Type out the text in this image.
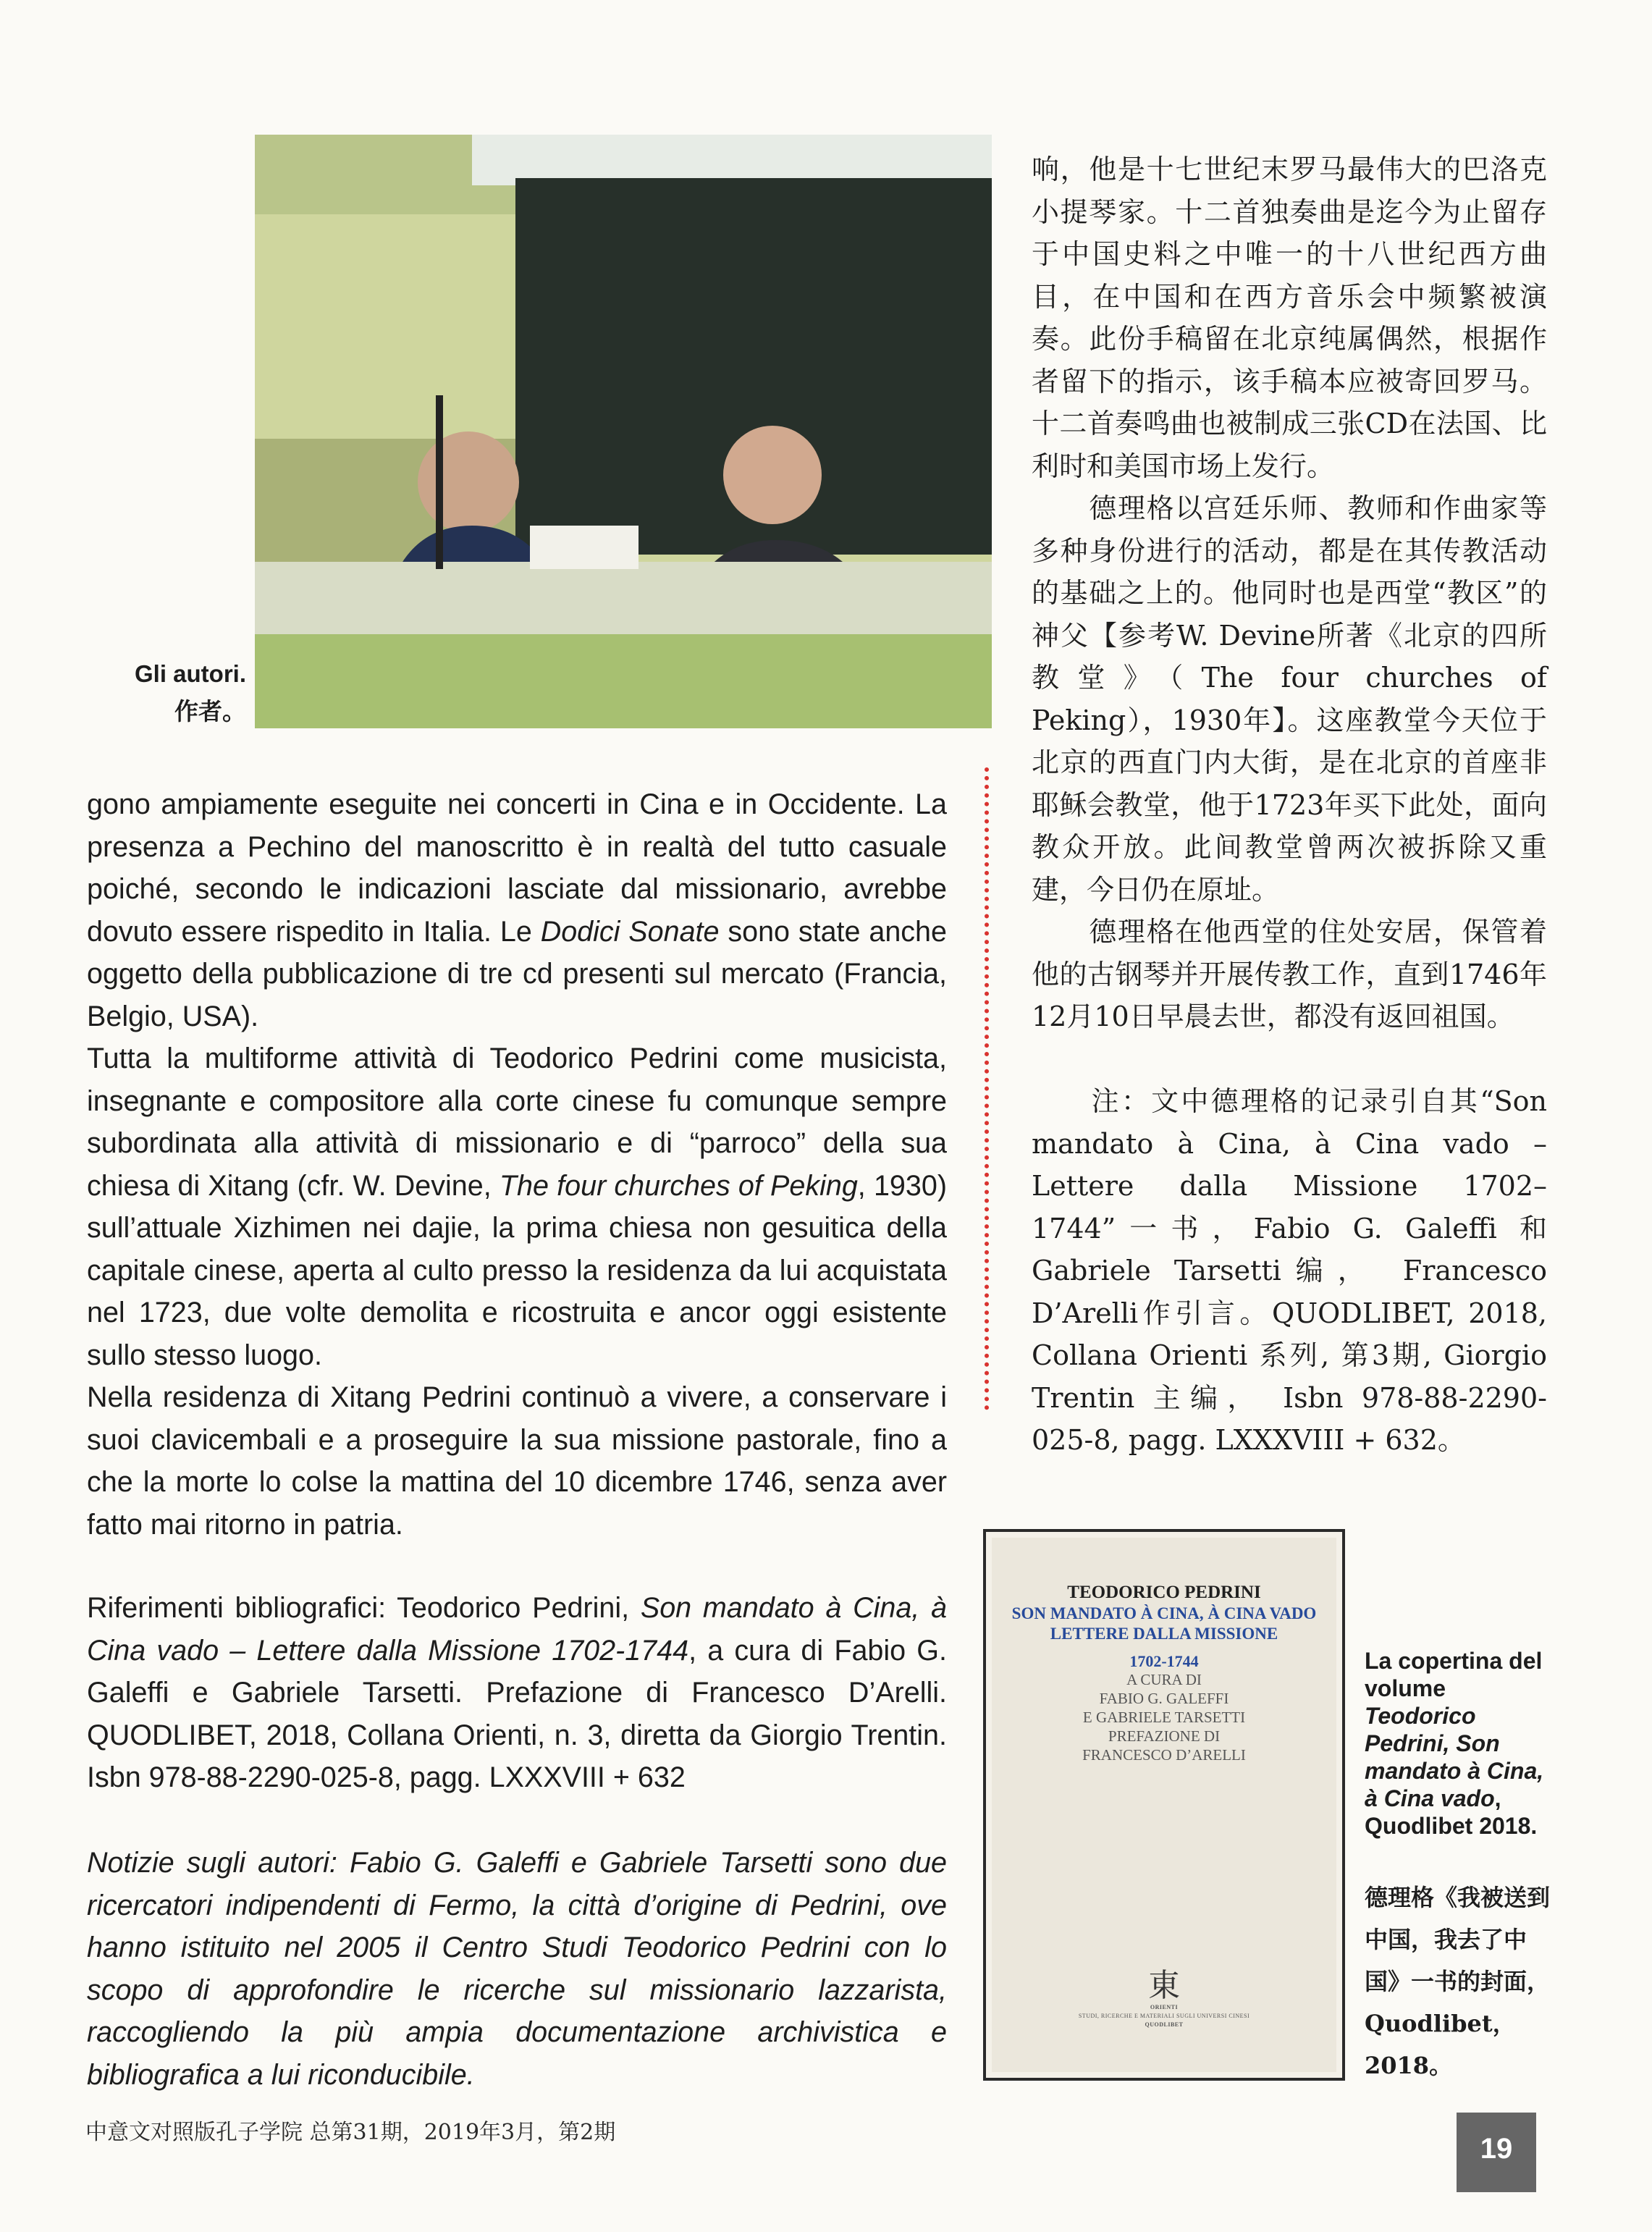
Gli autori.
作者。

gono ampiamente eseguite nei concerti in Cina e in Occidente. La presenza a Pechino del manoscritto è in realtà del tutto casuale poiché, secondo le indicazioni lasciate dal missionario, avrebbe dovuto essere rispedito in Italia. Le Dodici Sonate sono state anche oggetto della pubblicazione di tre cd presenti sul mercato (Francia, Belgio, USA).

Tutta la multiforme attività di Teodorico Pedrini come musicista, insegnante e compositore alla corte cinese fu comunque sempre subordinata alla attività di missionario e di “parroco” della sua chiesa di Xitang (cfr. W. Devine, The four churches of Peking, 1930) sull’attuale Xizhimen nei dajie, la prima chiesa non gesuitica della capitale cinese, aperta al culto presso la residenza da lui acquistata nel 1723, due volte demolita e ricostruita e ancor oggi esistente sullo stesso luogo.

Nella residenza di Xitang Pedrini continuò a vivere, a conservare i suoi clavicembali e a proseguire la sua missione pastorale, fino a che la morte lo colse la mattina del 10 dicembre 1746, senza aver fatto mai ritorno in patria.

Riferimenti bibliografici: Teodorico Pedrini, Son mandato à Cina, à Cina vado – Lettere dalla Missione 1702-1744, a cura di Fabio G. Galeffi e Gabriele Tarsetti. Prefazione di Francesco D’Arelli. QUODLIBET, 2018, Collana Orienti, n. 3, diretta da Giorgio Trentin. Isbn 978-88-2290-025-8, pagg. LXXXVIII + 632

Notizie sugli autori: Fabio G. Galeffi e Gabriele Tarsetti sono due ricercatori indipendenti di Fermo, la città d’origine di Pedrini, ove hanno istituito nel 2005 il Centro Studi Teodorico Pedrini con lo scopo di approfondire le ricerche sul missionario lazzarista, raccogliendo la più ampia documentazione archivistica e bibliografica a lui riconducibile.

响，他是十七世纪末罗马最伟大的巴洛克小提琴家。十二首独奏曲是迄今为止留存于中国史料之中唯一的十八世纪西方曲目，在中国和在西方音乐会中频繁被演奏。此份手稿留在北京纯属偶然，根据作者留下的指示，该手稿本应被寄回罗马。十二首奏鸣曲也被制成三张CD在法国、比利时和美国市场上发行。

　　德理格以宫廷乐师、教师和作曲家等多种身份进行的活动，都是在其传教活动的基础之上的。他同时也是西堂“教区”的神父【参考W. Devine所著《北京的四所教堂》（The four churches of Peking），1930年】。这座教堂今天位于北京的西直门内大街，是在北京的首座非耶稣会教堂，他于1723年买下此处，面向教众开放。此间教堂曾两次被拆除又重建，今日仍在原址。

　　德理格在他西堂的住处安居，保管着他的古钢琴并开展传教工作，直到1746年12月10日早晨去世，都没有返回祖国。

　　注：文中德理格的记录引自其“Son mandato à Cina, à Cina vado – Lettere dalla Missione 1702–1744”一书，Fabio G. Galeffi 和 Gabriele Tarsetti编， Francesco D’Arelli作引言。QUODLIBET, 2018, Collana Orienti 系列, 第3期, Giorgio Trentin 主编， Isbn 978-88-2290-025-8, pagg. LXXXVIII + 632。

TEODORICO PEDRINI
SON MANDATO À CINA, À CINA VADO
LETTERE DALLA MISSIONE
1702-1744
A CURA DI
FABIO G. GALEFFI
E GABRIELE TARSETTI
PREFAZIONE DI
FRANCESCO D’ARELLI
東
ORIENTI
STUDI, RICERCHE E MATERIALI SUGLI UNIVERSI CINESI
QUODLIBET
La copertina del volume Teodorico Pedrini, Son mandato à Cina, à Cina vado, Quodlibet 2018.
德理格《我被送到中国，我去了中国》一书的封面，Quodlibet，2018。
中意文对照版孔子学院 总第31期，2019年3月，第2期
19
